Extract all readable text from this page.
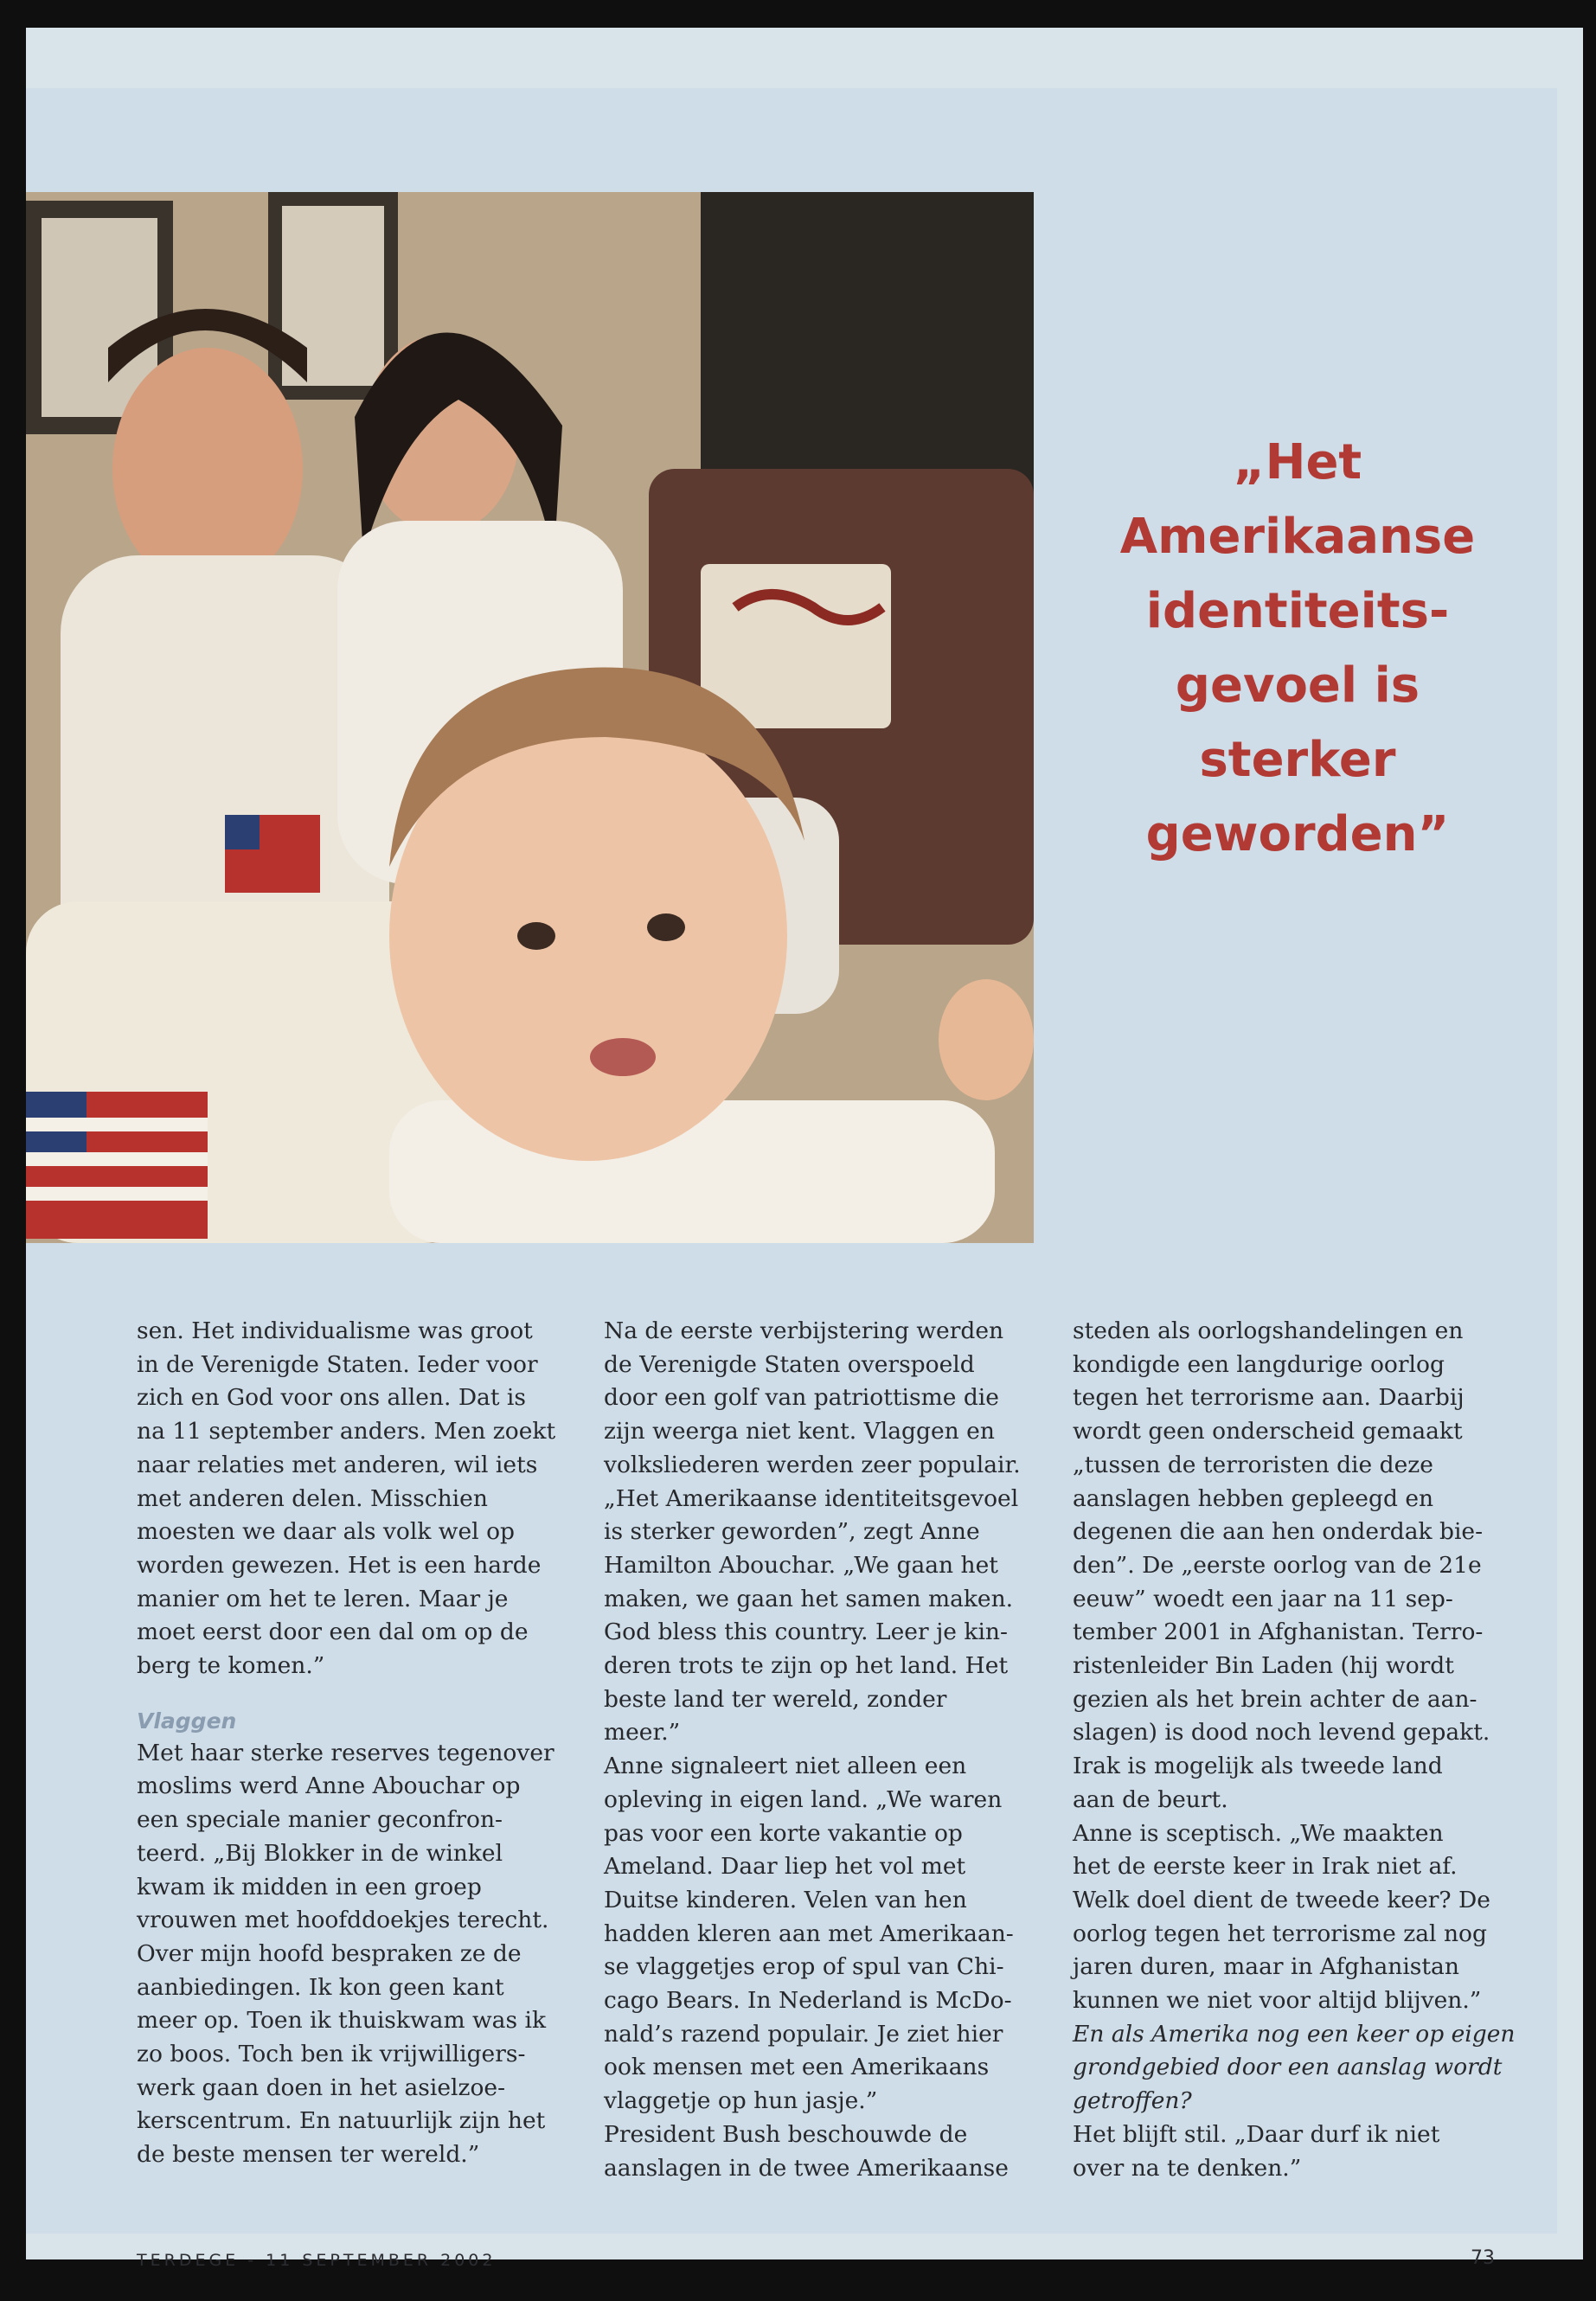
„Het
Amerikaanse
identiteits-
gevoel is
sterker
geworden”

sen. Het individualisme was groot
in de Verenigde Staten. Ieder voor
zich en God voor ons allen. Dat is
na 11 september anders. Men zoekt
naar relaties met anderen, wil iets
met anderen delen. Misschien
moesten we daar als volk wel op
worden gewezen. Het is een harde
manier om het te leren. Maar je
moet eerst door een dal om op de
berg te komen.”

Vlaggen

Met haar sterke reserves tegenover
moslims werd Anne Abouchar op
een speciale manier geconfron-
teerd. „Bij Blokker in de winkel
kwam ik midden in een groep
vrouwen met hoofddoekjes terecht.
Over mijn hoofd bespraken ze de
aanbiedingen. Ik kon geen kant
meer op. Toen ik thuiskwam was ik
zo boos. Toch ben ik vrijwilligers-
werk gaan doen in het asielzoe-
kerscentrum. En natuurlijk zijn het
de beste mensen ter wereld.”

Na de eerste verbijstering werden
de Verenigde Staten overspoeld
door een golf van patriottisme die
zijn weerga niet kent. Vlaggen en
volksliederen werden zeer populair.
„Het Amerikaanse identiteitsgevoel
is sterker geworden”, zegt Anne
Hamilton Abouchar. „We gaan het
maken, we gaan het samen maken.
God bless this country. Leer je kin-
deren trots te zijn op het land. Het
beste land ter wereld, zonder
meer.”

Anne signaleert niet alleen een
opleving in eigen land. „We waren
pas voor een korte vakantie op
Ameland. Daar liep het vol met
Duitse kinderen. Velen van hen
hadden kleren aan met Amerikaan-
se vlaggetjes erop of spul van Chi-
cago Bears. In Nederland is McDo-
nald’s razend populair. Je ziet hier
ook mensen met een Amerikaans
vlaggetje op hun jasje.”

President Bush beschouwde de
aanslagen in de twee Amerikaanse

steden als oorlogshandelingen en
kondigde een langdurige oorlog
tegen het terrorisme aan. Daarbij
wordt geen onderscheid gemaakt
„tussen de terroristen die deze
aanslagen hebben gepleegd en
degenen die aan hen onderdak bie-
den”. De „eerste oorlog van de 21e
eeuw” woedt een jaar na 11 sep-
tember 2001 in Afghanistan. Terro-
ristenleider Bin Laden (hij wordt
gezien als het brein achter de aan-
slagen) is dood noch levend gepakt.
Irak is mogelijk als tweede land
aan de beurt.

Anne is sceptisch. „We maakten
het de eerste keer in Irak niet af.
Welk doel dient de tweede keer? De
oorlog tegen het terrorisme zal nog
jaren duren, maar in Afghanistan
kunnen we niet voor altijd blijven.”

En als Amerika nog een keer op eigen
grondgebied door een aanslag wordt
getroffen?

Het blijft stil. „Daar durf ik niet
over na te denken.”

TERDEGE - 11 SEPTEMBER 2002	73
